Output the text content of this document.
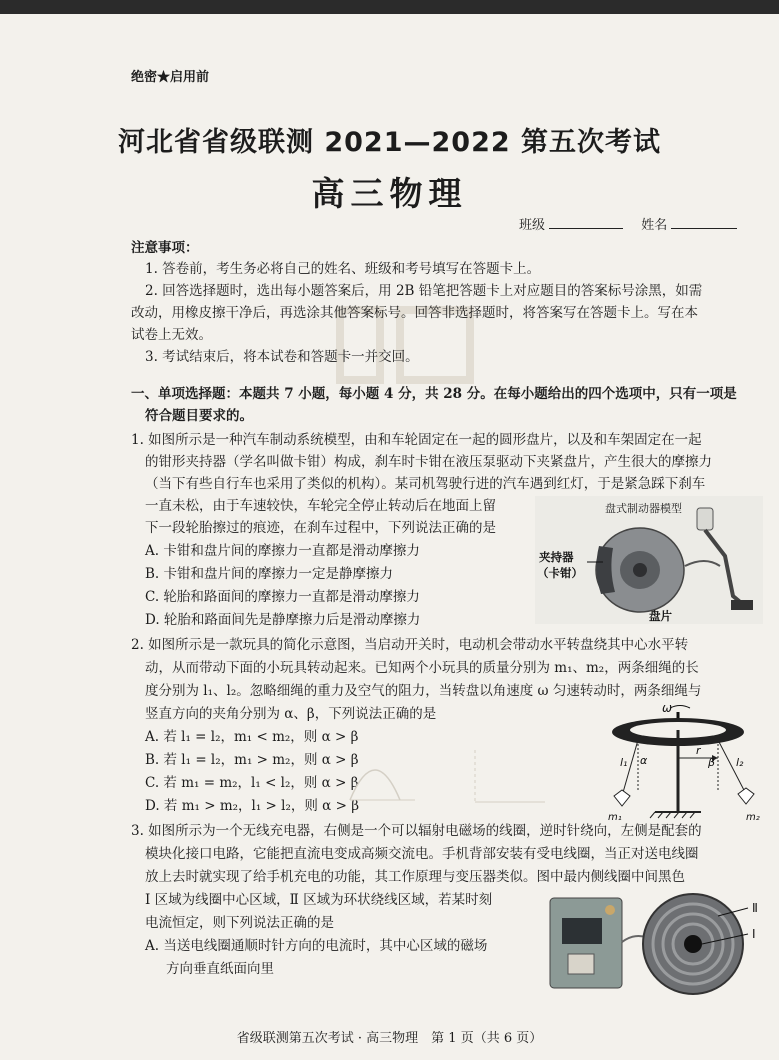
绝密★启用前
河北省省级联测 2021—2022 第五次考试
高三物理
班级	姓名
注意事项：
1. 答卷前，考生务必将自己的姓名、班级和考号填写在答题卡上。
2. 回答选择题时，选出每小题答案后，用 2B 铅笔把答题卡上对应题目的答案标号涂黑，如需
改动，用橡皮擦干净后，再选涂其他答案标号。回答非选择题时，将答案写在答题卡上。写在本
试卷上无效。
3. 考试结束后，将本试卷和答题卡一并交回。
一、单项选择题：本题共 7 小题，每小题 4 分，共 28 分。在每小题给出的四个选项中，只有一项是
符合题目要求的。
1. 如图所示是一种汽车制动系统模型，由和车轮固定在一起的圆形盘片，以及和车架固定在一起
的钳形夹持器（学名叫做卡钳）构成，刹车时卡钳在液压泵驱动下夹紧盘片，产生很大的摩擦力
（当下有些自行车也采用了类似的机构）。某司机驾驶行进的汽车遇到红灯，于是紧急踩下刹车
一直未松，由于车速较快，车轮完全停止转动后在地面上留
下一段轮胎擦过的痕迹，在刹车过程中，下列说法正确的是
A. 卡钳和盘片间的摩擦力一直都是滑动摩擦力
B. 卡钳和盘片间的摩擦力一定是静摩擦力
C. 轮胎和路面间的摩擦力一直都是滑动摩擦力
D. 轮胎和路面间先是静摩擦力后是滑动摩擦力
盘式制动器模型
夹持器
（卡钳）
盘片
2. 如图所示是一款玩具的简化示意图，当启动开关时，电动机会带动水平转盘绕其中心水平转
动，从而带动下面的小玩具转动起来。已知两个小玩具的质量分别为 m₁、m₂，两条细绳的长
度分别为 l₁、l₂。忽略细绳的重力及空气的阻力，当转盘以角速度 ω 匀速转动时，两条细绳与
竖直方向的夹角分别为 α、β，下列说法正确的是
A. 若 l₁ = l₂，m₁ < m₂，则 α > β
B. 若 l₁ = l₂，m₁ > m₂，则 α > β
C. 若 m₁ = m₂，l₁ < l₂，则 α > β
D. 若 m₁ > m₂，l₁ > l₂，则 α > β
ω
l₁ α
r
β l₂
m₁	m₂
3. 如图所示为一个无线充电器，右侧是一个可以辐射电磁场的线圈，逆时针绕向，左侧是配套的
模块化接口电路，它能把直流电变成高频交流电。手机背部安装有受电线圈，当正对送电线圈
放上去时就实现了给手机充电的功能，其工作原理与变压器类似。图中最内侧线圈中间黑色
Ⅰ 区域为线圈中心区域，Ⅱ 区域为环状绕线区域，若某时刻
电流恒定，则下列说法正确的是
A. 当送电线圈通顺时针方向的电流时，其中心区域的磁场
方向垂直纸面向里
Ⅱ
Ⅰ
省级联测第五次考试 · 高三物理　第 1 页（共 6 页）
